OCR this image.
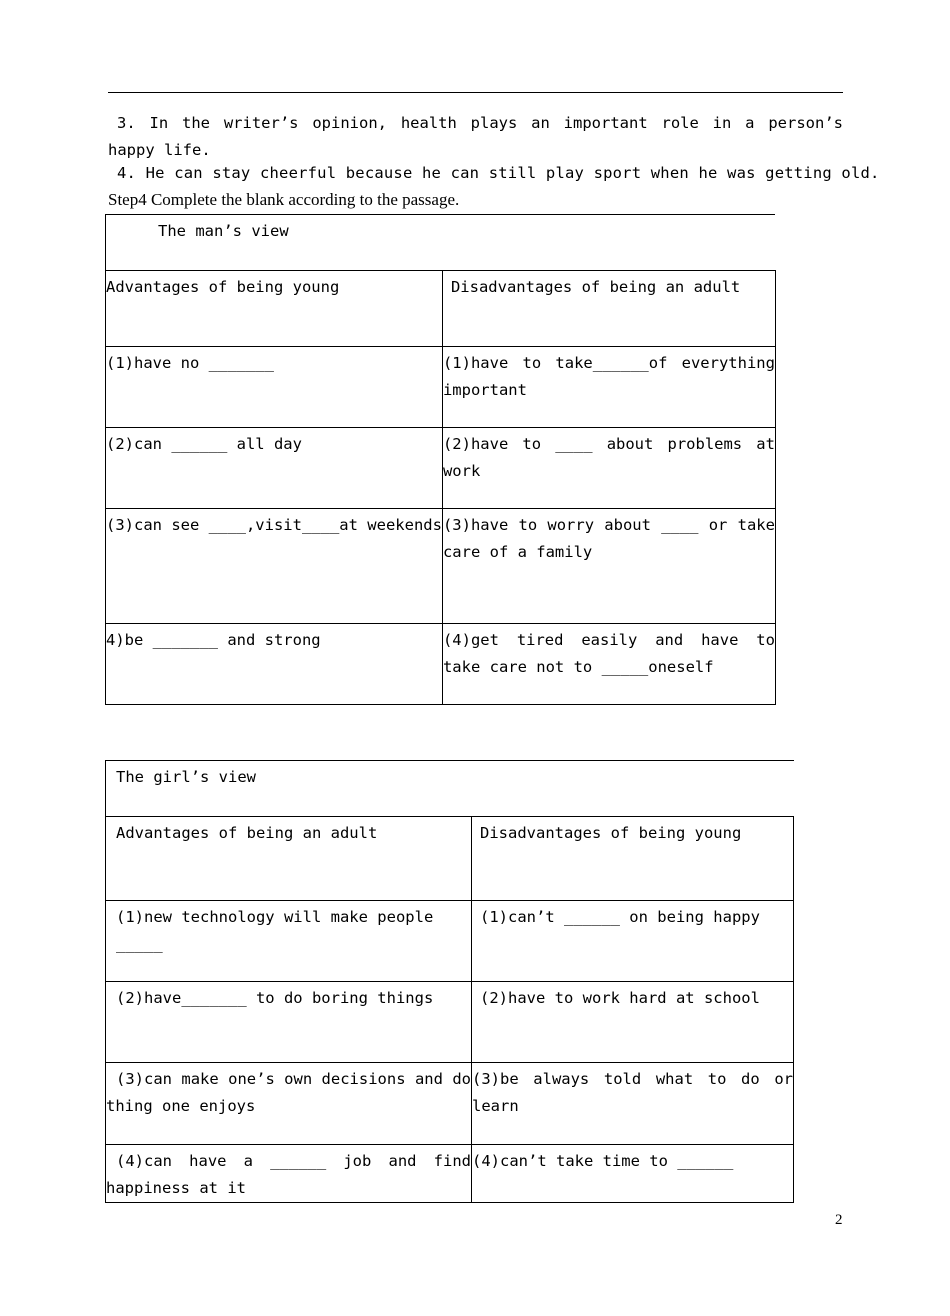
3. In the writer’s opinion, health plays an important role in a person’s happy life.
4. He can stay cheerful because he can still play sport when he was getting old.
Step4 Complete the blank according to the passage.
The man’s view	
Advantages of being young	Disadvantages of being an adult
(1)have no _______	(1)have to take______of everything important
(2)can ______ all day	(2)have to ____ about problems at work
(3)can see ____,visit____at weekends	(3)have to worry about ____ or take care of a family
4)be _______ and strong	(4)get tired easily and have to take care not to _____oneself
The girl’s view	
Advantages of being an adult	Disadvantages of being young
(1)new technology will make people _____	(1)can’t ______ on being happy
(2)have_______ to do boring things	(2)have to work hard at school
(3)can make one’s own decisions and do thing one enjoys	(3)be always told what to do or learn
(4)can have a ______ job and find happiness at it	(4)can’t take time to ______
2
